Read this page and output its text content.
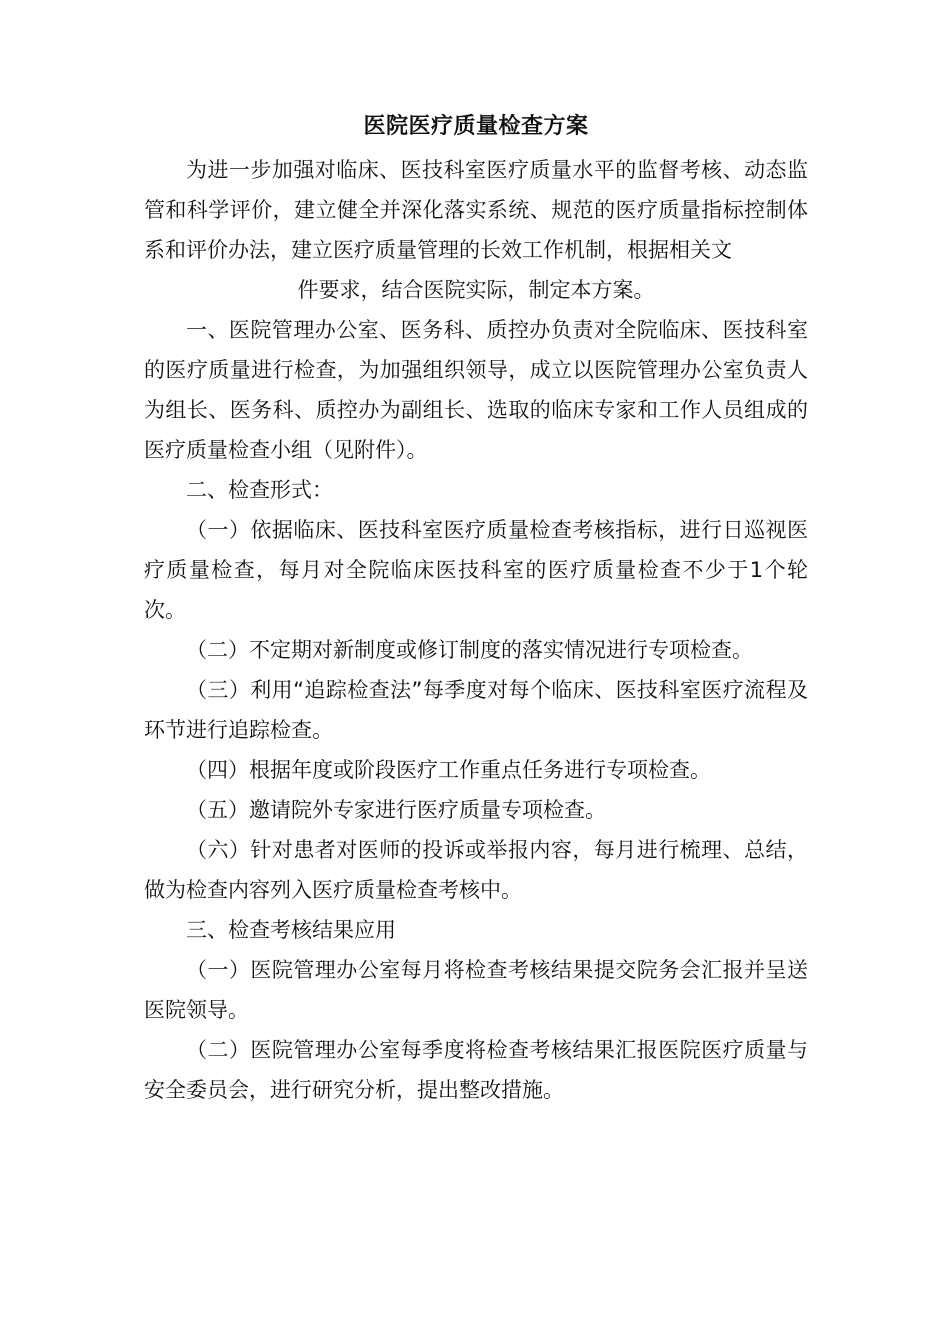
医院医疗质量检查方案

为进一步加强对临床、医技科室医疗质量水平的监督考核、动态监管和科学评价，建立健全并深化落实系统、规范的医疗质量指标控制体系和评价办法，建立医疗质量管理的长效工作机制，根据相关文

件要求，结合医院实际，制定本方案。

一、医院管理办公室、医务科、质控办负责对全院临床、医技科室的医疗质量进行检查，为加强组织领导，成立以医院管理办公室负责人为组长、医务科、质控办为副组长、选取的临床专家和工作人员组成的医疗质量检查小组（见附件）。

二、检查形式：

（一）依据临床、医技科室医疗质量检查考核指标，进行日巡视医疗质量检查，每月对全院临床医技科室的医疗质量检查不少于1个轮次。

（二）不定期对新制度或修订制度的落实情况进行专项检查。

（三）利用“追踪检查法”每季度对每个临床、医技科室医疗流程及环节进行追踪检查。

（四）根据年度或阶段医疗工作重点任务进行专项检查。

（五）邀请院外专家进行医疗质量专项检查。

（六）针对患者对医师的投诉或举报内容，每月进行梳理、总结，做为检查内容列入医疗质量检查考核中。

三、检查考核结果应用

（一）医院管理办公室每月将检查考核结果提交院务会汇报并呈送医院领导。

（二）医院管理办公室每季度将检查考核结果汇报医院医疗质量与安全委员会，进行研究分析，提出整改措施。
